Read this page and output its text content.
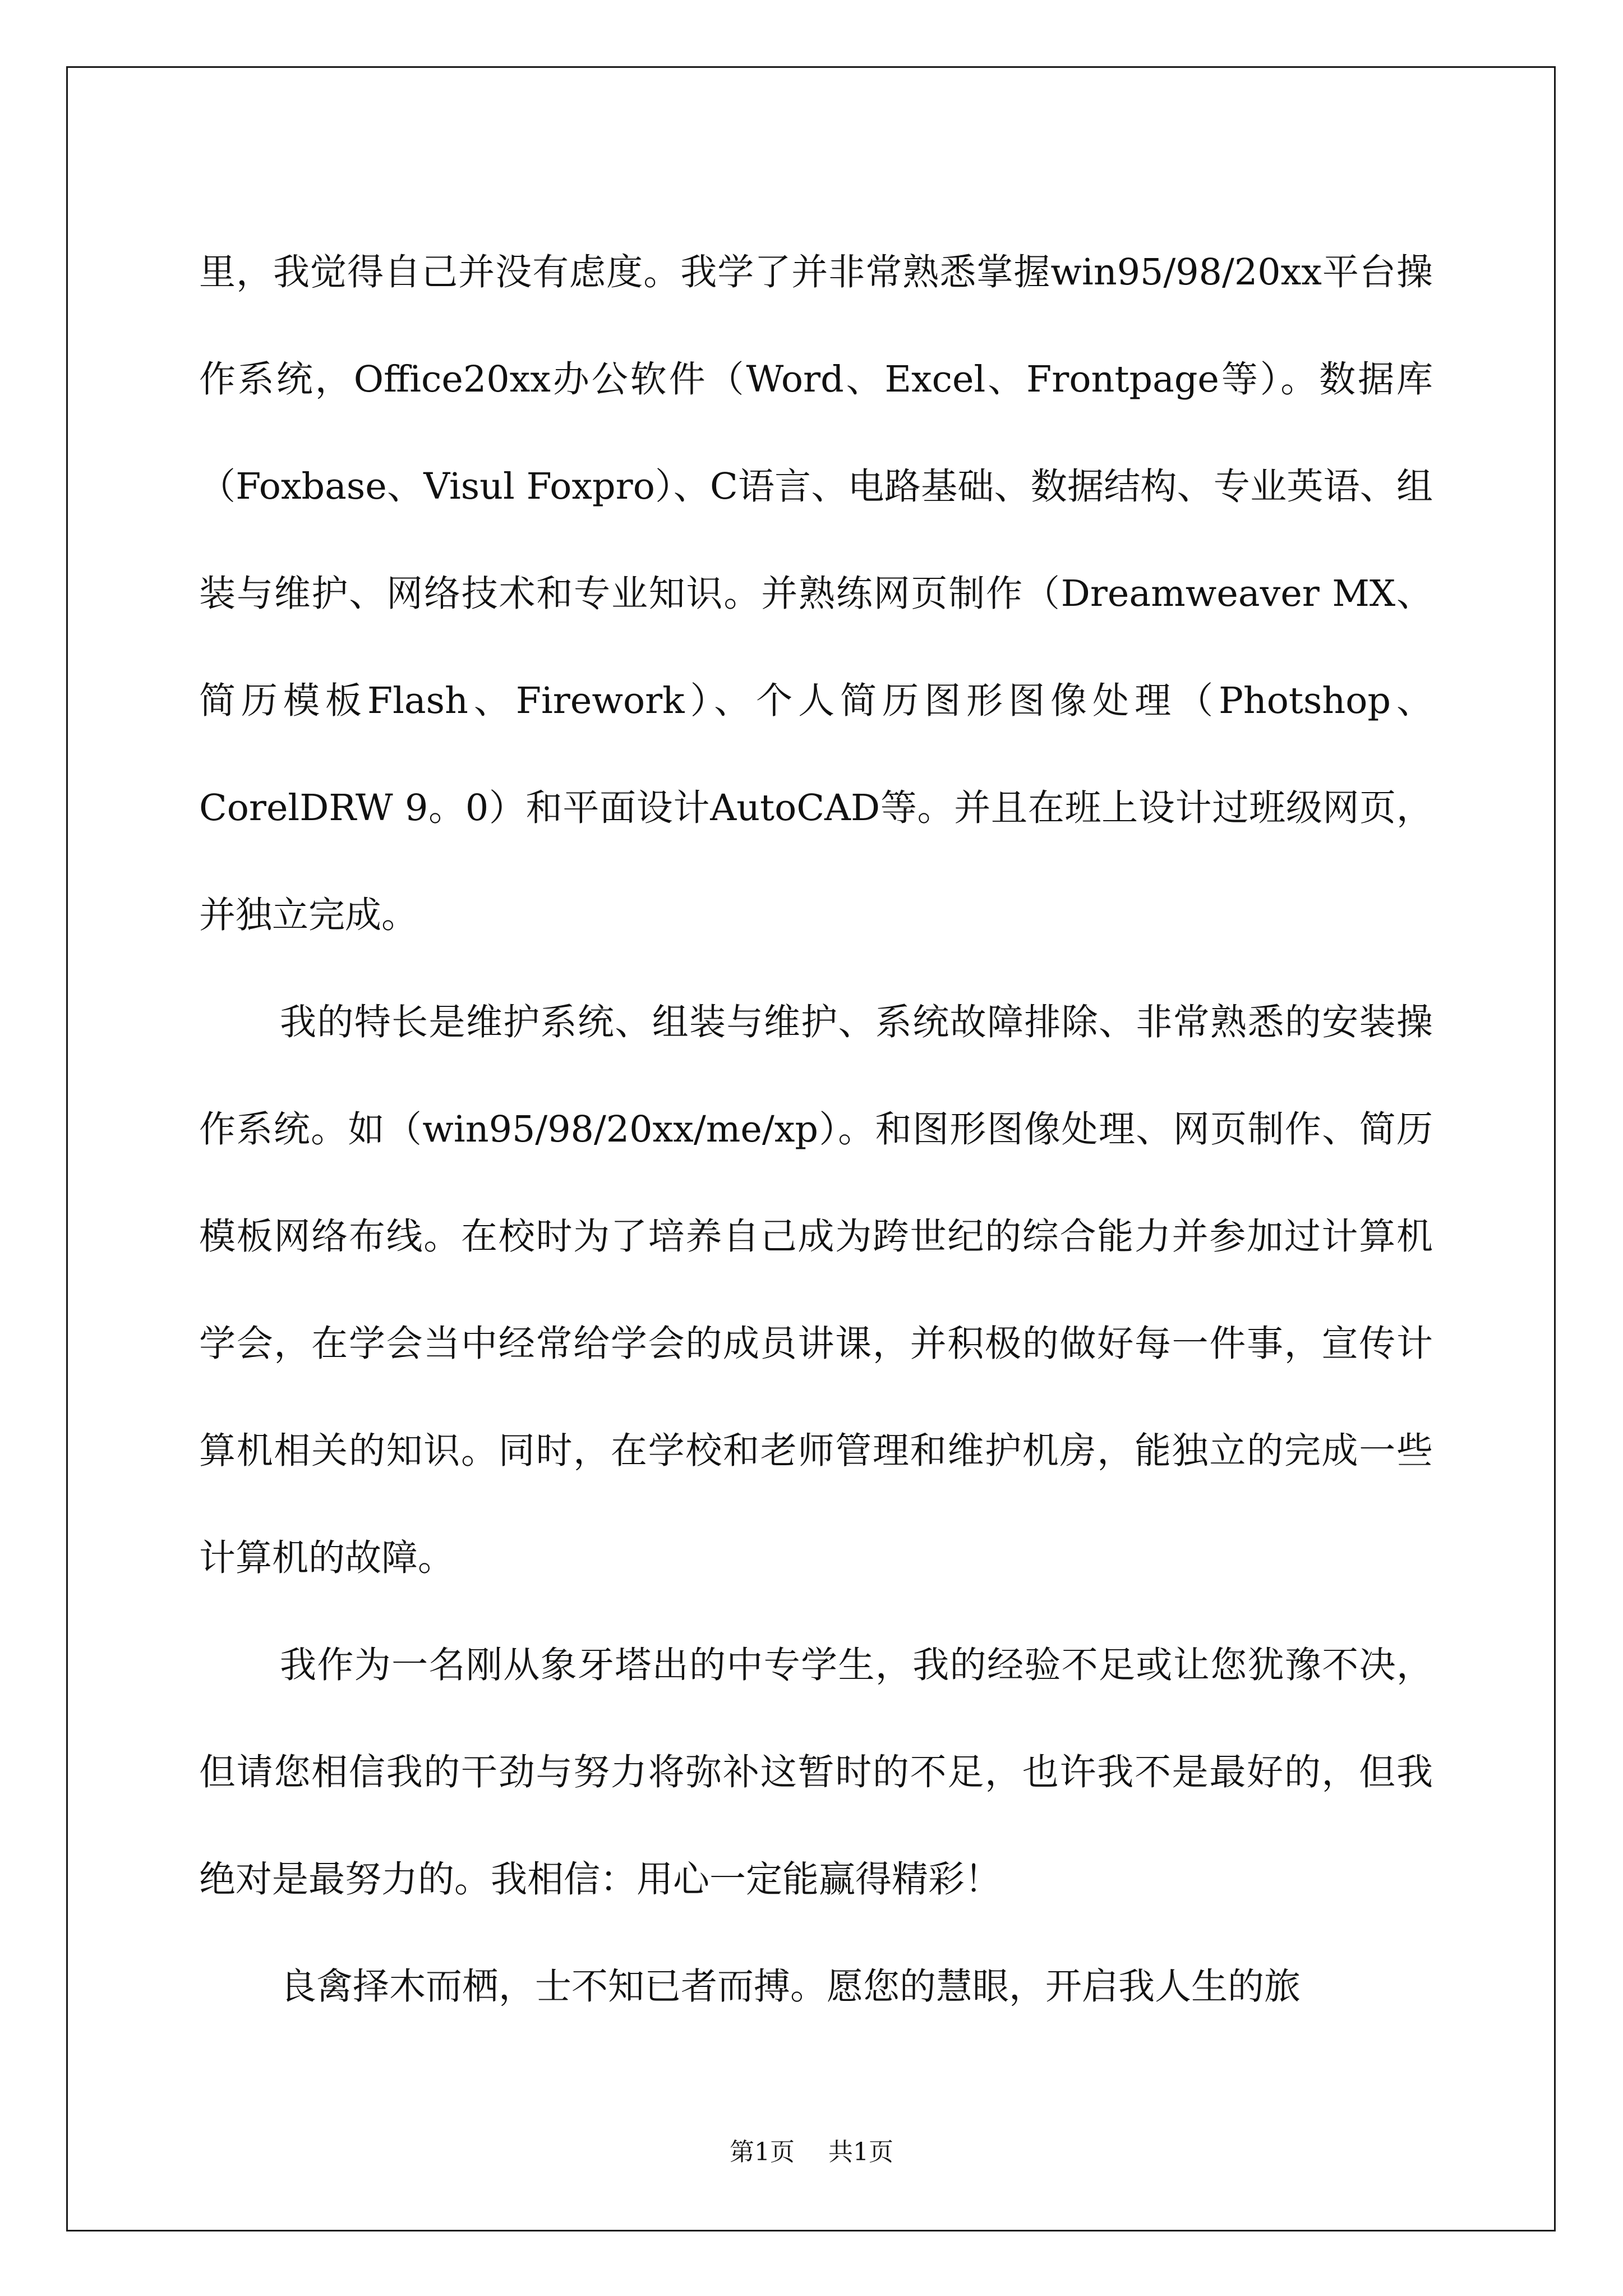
里，我觉得自己并没有虑度。我学了并非常熟悉掌握win95/98/20xx平台操作系统，Office20xx办公软件（Word、Excel、Frontpage等）。数据库（Foxbase、Visul Foxpro）、C语言、电路基础、数据结构、专业英语、组装与维护、网络技术和专业知识。并熟练网页制作（Dreamweaver MX、简历模板Flash、Firework）、个人简历图形图像处理（Photshop、CorelDRW 9。0）和平面设计AutoCAD等。并且在班上设计过班级网页，并独立完成。

我的特长是维护系统、组装与维护、系统故障排除、非常熟悉的安装操作系统。如（win95/98/20xx/me/xp）。和图形图像处理、网页制作、简历模板网络布线。在校时为了培养自己成为跨世纪的综合能力并参加过计算机学会，在学会当中经常给学会的成员讲课，并积极的做好每一件事，宣传计算机相关的知识。同时，在学校和老师管理和维护机房，能独立的完成一些计算机的故障。

我作为一名刚从象牙塔出的中专学生，我的经验不足或让您犹豫不决，但请您相信我的干劲与努力将弥补这暂时的不足，也许我不是最好的，但我绝对是最努力的。我相信：用心一定能赢得精彩！

良禽择木而栖，士不知已者而搏。愿您的慧眼，开启我人生的旅

第1页 共1页
